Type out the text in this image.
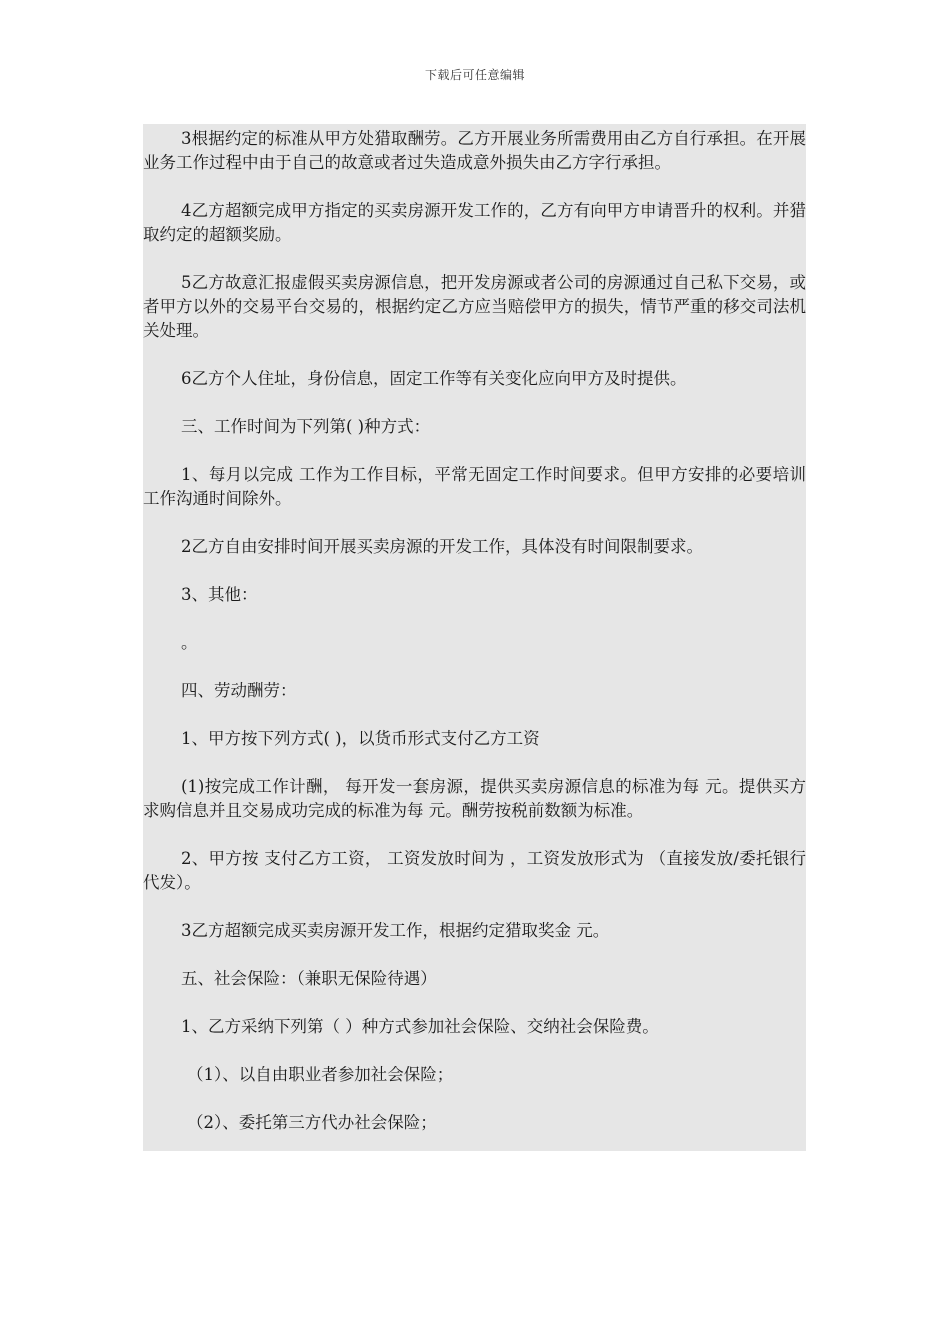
下载后可任意编辑

3根据约定的标准从甲方处猎取酬劳。乙方开展业务所需费用由乙方自行承担。在开展业务工作过程中由于自己的故意或者过失造成意外损失由乙方字行承担。

4乙方超额完成甲方指定的买卖房源开发工作的，乙方有向甲方申请晋升的权利。并猎取约定的超额奖励。

5乙方故意汇报虚假买卖房源信息，把开发房源或者公司的房源通过自己私下交易，或者甲方以外的交易平台交易的，根据约定乙方应当赔偿甲方的损失，情节严重的移交司法机关处理。

6乙方个人住址，身份信息，固定工作等有关变化应向甲方及时提供。

三、工作时间为下列第( )种方式：

1、每月以完成 工作为工作目标，平常无固定工作时间要求。但甲方安排的必要培训工作沟通时间除外。

2乙方自由安排时间开展买卖房源的开发工作，具体没有时间限制要求。

3、其他：

。

四、劳动酬劳：

1、甲方按下列方式( )，以货币形式支付乙方工资

(1)按完成工作计酬， 每开发一套房源，提供买卖房源信息的标准为每 元。提供买方求购信息并且交易成功完成的标准为每 元。酬劳按税前数额为标准。

2、甲方按 支付乙方工资， 工资发放时间为 ，工资发放形式为 （直接发放/委托银行代发）。

3乙方超额完成买卖房源开发工作，根据约定猎取奖金 元。

五、社会保险：（兼职无保险待遇）

1、乙方采纳下列第（ ）种方式参加社会保险、交纳社会保险费。

（1）、以自由职业者参加社会保险；

（2）、委托第三方代办社会保险；
